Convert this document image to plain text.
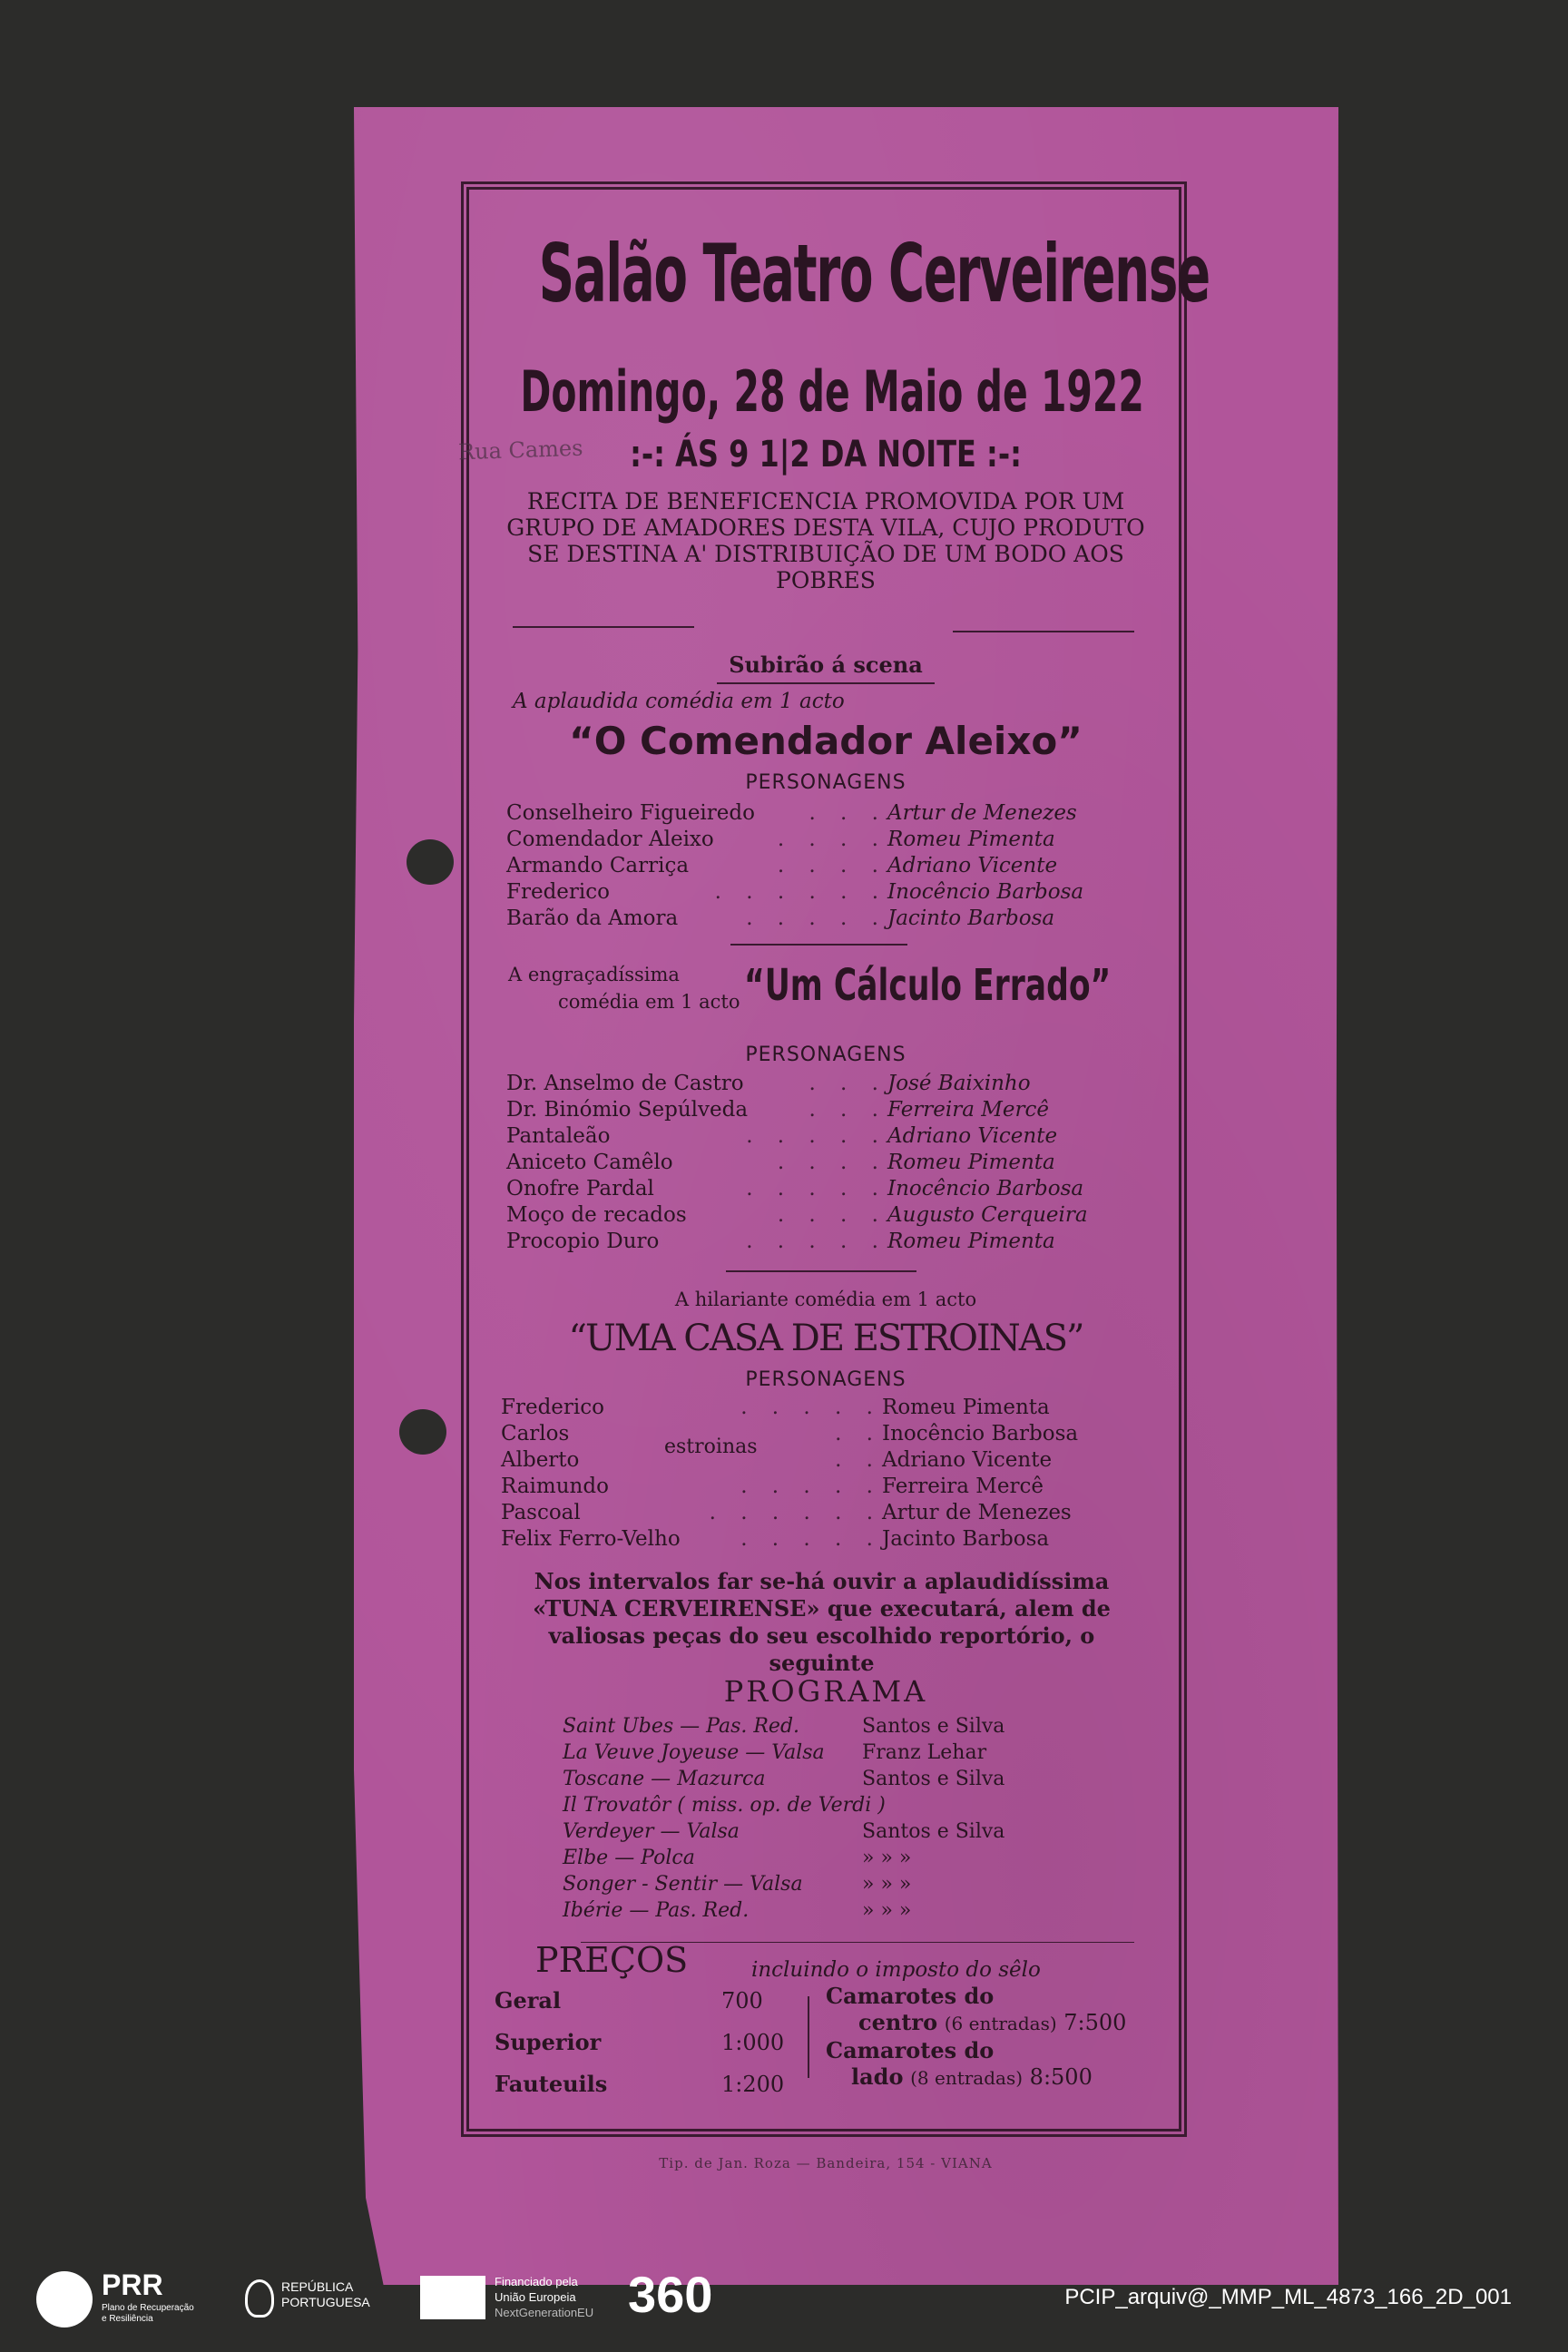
Salão Teatro Cerveirense
Domingo, 28 de Maio de 1922
:-: ÁS 9 1|2 DA NOITE :-:
RECITA DE BENEFICENCIA PROMOVIDA POR UM GRUPO DE AMADORES DESTA VILA, CUJO PRODUTO SE DESTINA A' DISTRIBUIÇÃO DE UM BODO AOS POBRES
Subirão á scena
A aplaudida comédia em 1 acto
“O Comendador Aleixo”
PERSONAGENS
Conselheiro Figueiredo	. . . Artur de Menezes
Comendador Aleixo	. . . . Romeu Pimenta
Armando Carriça	. . . . Adriano Vicente
Frederico	. . . . . . Inocêncio Barbosa
Barão da Amora	. . . . . Jacinto Barbosa
A engraçadíssima
comédia em 1 acto “Um Cálculo Errado”
PERSONAGENS
Dr. Anselmo de Castro	. . . José Baixinho
Dr. Binómio Sepúlveda	. . . Ferreira Mercê
Pantaleão	. . . . . Adriano Vicente
Aniceto Camêlo	. . . . Romeu Pimenta
Onofre Pardal	. . . . . Inocêncio Barbosa
Moço de recados	. . . . Augusto Cerqueira
Procopio Duro	. . . . . Romeu Pimenta
A hilariante comédia em 1 acto
“UMA CASA DE ESTROINAS”
PERSONAGENS
Frederico	. . . . . Romeu Pimenta
Carlos	. . Inocêncio Barbosa
Alberto	. . Adriano Vicente
Raimundo	. . . . . Ferreira Mercê
Pascoal	. . . . . . Artur de Menezes
Felix Ferro-Velho	. . . . . Jacinto Barbosa
estroinas
Nos intervalos far se-há ouvir a aplaudidíssima «TUNA CERVEIRENSE» que executará, alem de valiosas peças do seu escolhido reportório, o seguinte
PROGRAMA
Saint Ubes — Pas. Red.	Santos e Silva
La Veuve Joyeuse — Valsa	Franz Lehar
Toscane — Mazurca	Santos e Silva
Il Trovatôr ( miss. op. de Verdi )
Verdeyer — Valsa	Santos e Silva
Elbe — Polca	» » »
Songer - Sentir — Valsa	» » »
Ibérie — Pas. Red.	» » »
PREÇOS	incluindo o imposto do sêlo
Geral	700
Superior	1:000
Fauteuils	1:200
Camarotes do
centro (6 entradas) 7:500
Camarotes do
lado (8 entradas) 8:500
Tip. de Jan. Roza — Bandeira, 154 - VIANA
Rua Cames
PRR
Plano de Recuperação
e Resiliência
REPÚBLICA
PORTUGUESA
Financiado pela
União Europeia
NextGenerationEU 360	PCIP_arquiv@_MMP_ML_4873_166_2D_001
